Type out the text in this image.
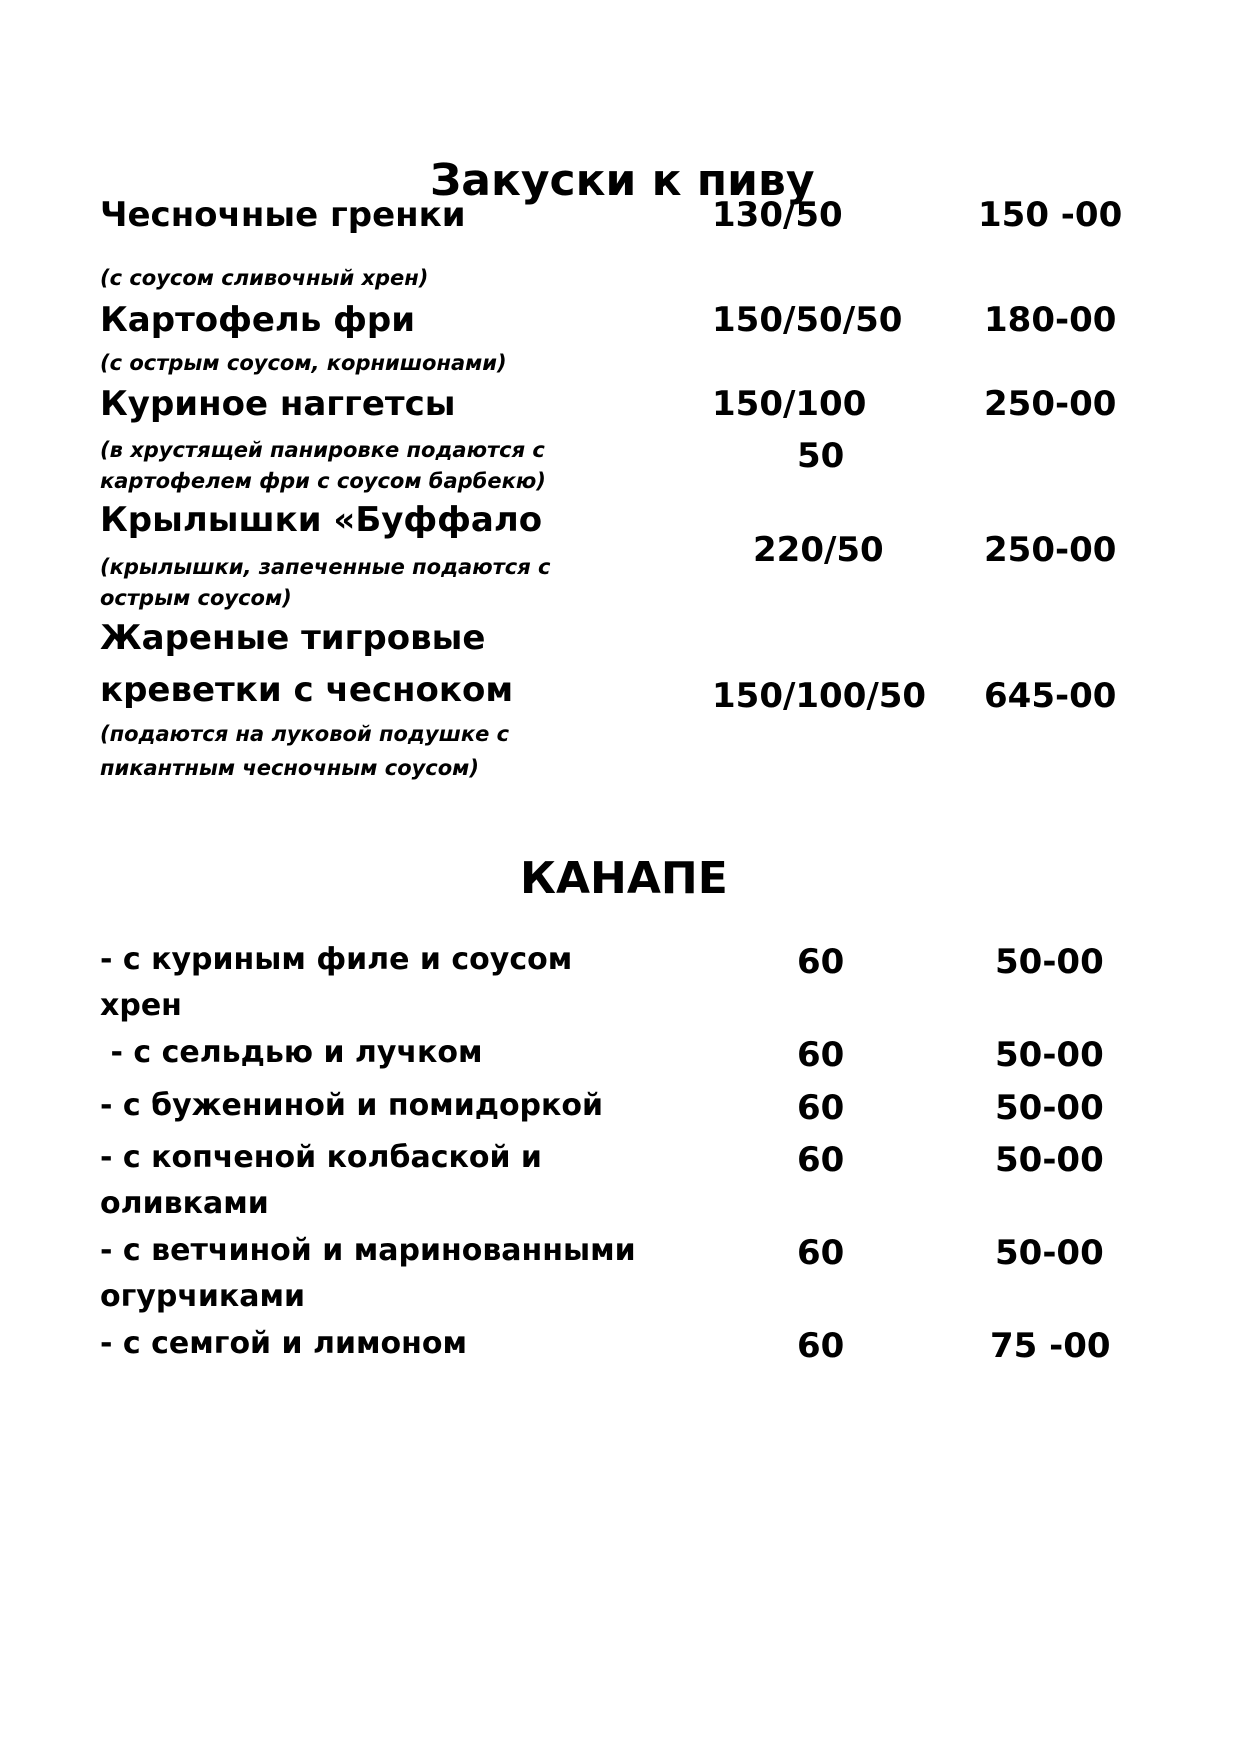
Закуски к пиву
Чесночные гренки	130/50	150 -00
(с соусом сливочный хрен)
Картофель фри	150/50/50 180-00
(с острым соусом, корнишонами)
Куриное наггетсы	150/100	250-00
(в хрустящей панировке подаются с	50
картофелем фри с соусом барбекю)
Крылышки «Буффало
(крылышки, запеченные подаются с	220/50	250-00
острым соусом)
Жареные тигровые
креветки с чесноком	150/100/50 645-00
(подаются на луковой подушке с
пикантным чесночным соусом)
КАНАПЕ
- с куриным филе и соусом	60	50-00
хрен
- с сельдью и лучком	60	50-00
- с бужениной и помидоркой	60	50-00
- с копченой колбаской и	60	50-00
оливками
- с ветчиной и маринованными	60	50-00
огурчиками
- с семгой и лимоном	60	75 -00
